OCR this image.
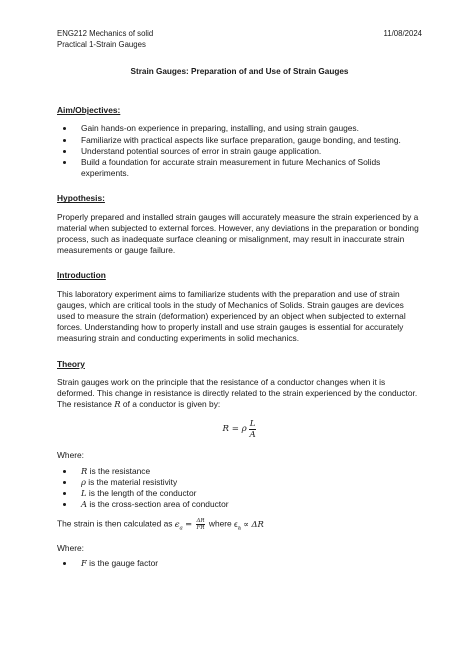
ENG212 Mechanics of solid
Practical 1-Strain Gauges
11/08/2024
Strain Gauges: Preparation of and Use of Strain Gauges
Aim/Objectives:
• Gain hands-on experience in preparing, installing, and using strain gauges.
• Familiarize with practical aspects like surface preparation, gauge bonding, and testing.
• Understand potential sources of error in strain gauge application.
• Build a foundation for accurate strain measurement in future Mechanics of Solids experiments.
Hypothesis:

Properly prepared and installed strain gauges will accurately measure the strain experienced by a material when subjected to external forces. However, any deviations in the preparation or bonding process, such as inadequate surface cleaning or misalignment, may result in inaccurate strain measurements or gauge failure.

Introduction

This laboratory experiment aims to familiarize students with the preparation and use of strain gauges, which are critical tools in the study of Mechanics of Solids. Strain gauges are devices used to measure the strain (deformation) experienced by an object when subjected to external forces. Understanding how to properly install and use strain gauges is essential for accurately measuring strain and conducting experiments in solid mechanics.

Theory

Strain gauges work on the principle that the resistance of a conductor changes when it is deformed. This change in resistance is directly related to the strain experienced by the conductor. The resistance R of a conductor is given by:

R = ρ $\frac{L}{A}$
Where:
• R is the resistance
• ρ is the material resistivity
• L is the length of the conductor
• A is the cross-section area of conductor

The strain is then calculated as $\epsilon_a = \frac{\Delta R}{FR}$ where $\epsilon_a \propto \Delta R$

Where:
• F is the gauge factor
